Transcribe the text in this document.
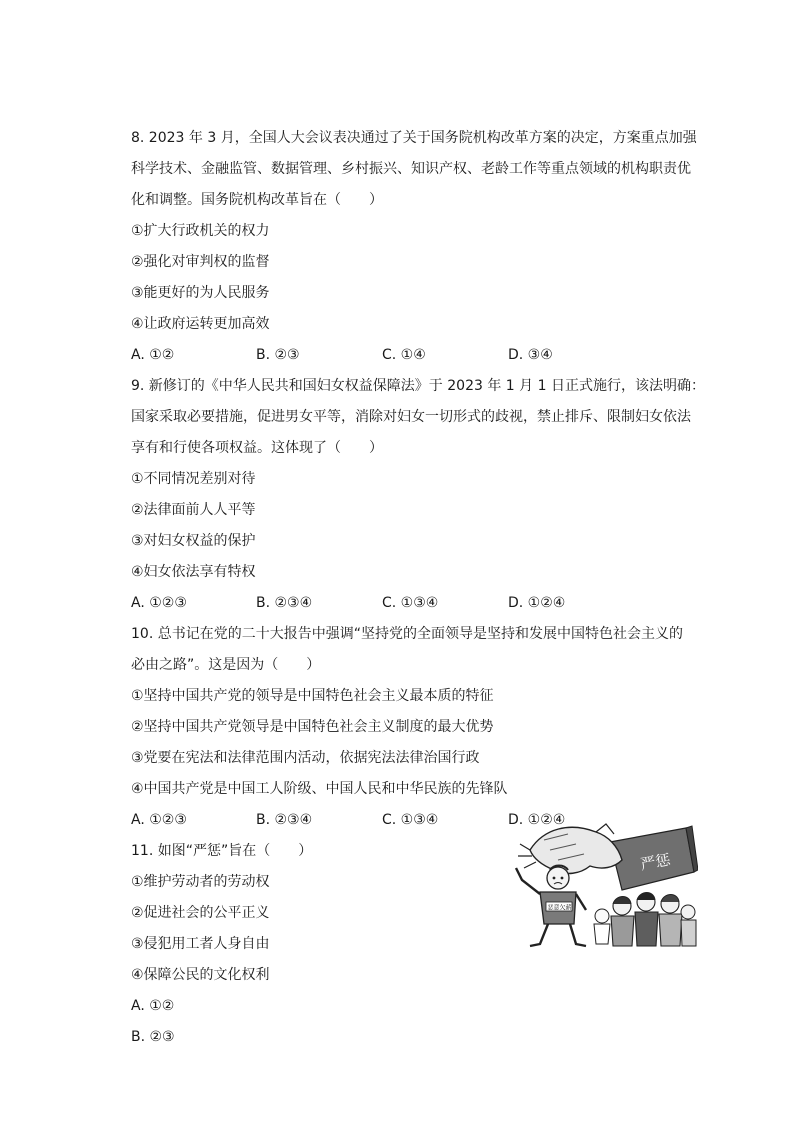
8. 2023 年 3 月，全国人大会议表决通过了关于国务院机构改革方案的决定，方案重点加强
科学技术、金融监管、数据管理、乡村振兴、知识产权、老龄工作等重点领域的机构职责优
化和调整。国务院机构改革旨在（　　）
①扩大行政机关的权力
②强化对审判权的监督
③能更好的为人民服务
④让政府运转更加高效
A. ①②	B. ②③	C. ①④	D. ③④
9. 新修订的《中华人民共和国妇女权益保障法》于 2023 年 1 月 1 日正式施行，该法明确：
国家采取必要措施，促进男女平等，消除对妇女一切形式的歧视，禁止排斥、限制妇女依法
享有和行使各项权益。这体现了（　　）
①不同情况差别对待
②法律面前人人平等
③对妇女权益的保护
④妇女依法享有特权
A. ①②③	B. ②③④	C. ①③④	D. ①②④
10. 总书记在党的二十大报告中强调“坚持党的全面领导是坚持和发展中国特色社会主义的
必由之路”。这是因为（　　）
①坚持中国共产党的领导是中国特色社会主义最本质的特征
②坚持中国共产党领导是中国特色社会主义制度的最大优势
③党要在宪法和法律范围内活动，依据宪法法律治国行政
④中国共产党是中国工人阶级、中国人民和中华民族的先锋队
A. ①②③	B. ②③④	C. ①③④	D. ①②④
11. 如图“严惩”旨在（　　）
①维护劳动者的劳动权
②促进社会的公平正义
③侵犯用工者人身自由
④保障公民的文化权利
A. ①②
B. ②③
严惩
恶意欠薪
